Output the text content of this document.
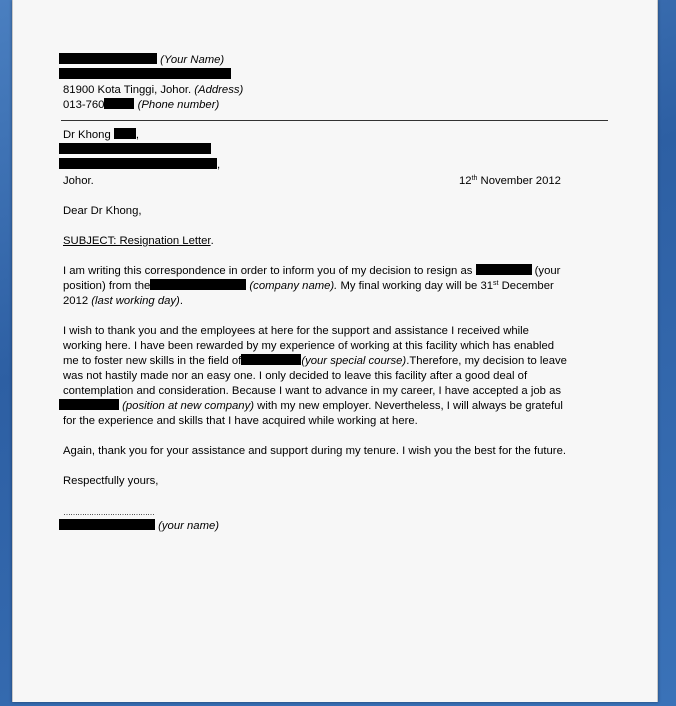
(Your Name)
81900 Kota Tinggi, Johor. (Address)
013-760	(Phone number)
Dr Khong ,
,
Johor.	12th November 2012
Dear Dr Khong,
SUBJECT: Resignation Letter.
I am writing this correspondence in order to inform you of my decision to resign as	(your
position) from the	(company name). My final working day will be 31st December
2012 (last working day).
I wish to thank you and the employees at here for the support and assistance I received while
working here. I have been rewarded by my experience of working at this facility which has enabled
me to foster new skills in the field of	(your special course).Therefore, my decision to leave
was not hastily made nor an easy one. I only decided to leave this facility after a good deal of
contemplation and consideration. Because I want to advance in my career, I have accepted a job as
(position at new company) with my new employer. Nevertheless, I will always be grateful
for the experience and skills that I have acquired while working at here.
Again, thank you for your assistance and support during my tenure. I wish you the best for the future.
Respectfully yours,
…………………………………
(your name)
